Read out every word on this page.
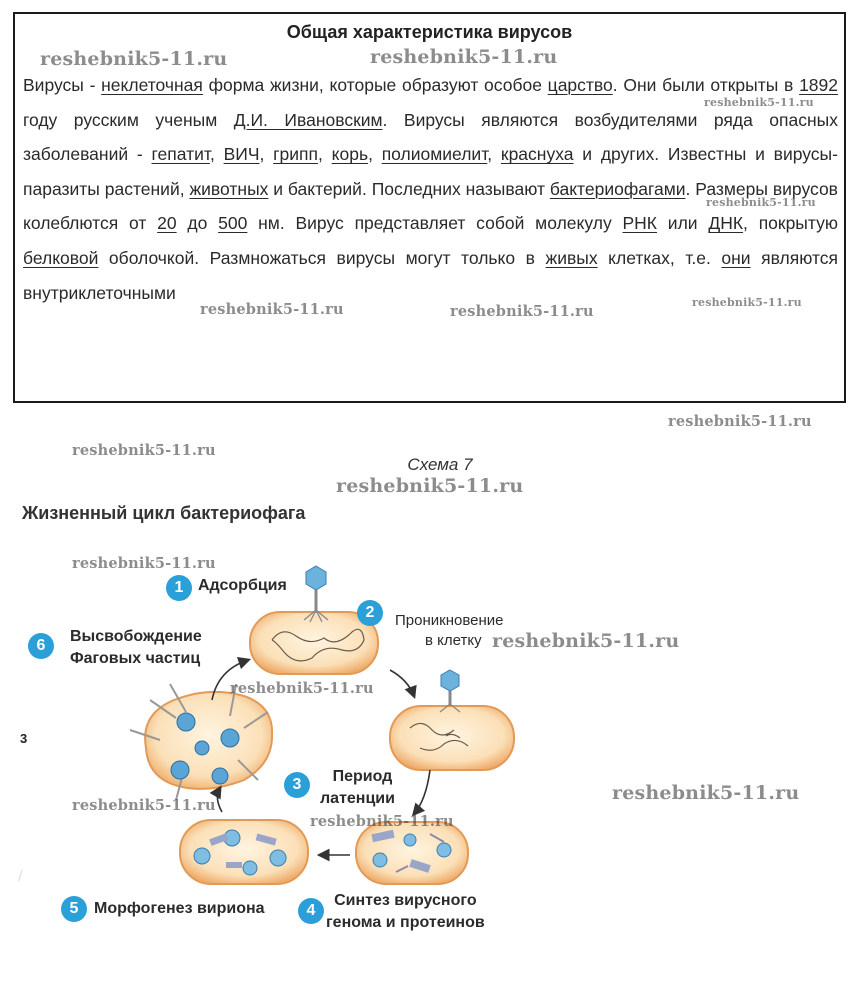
Общая характеристика вирусов
Вирусы - неклеточная форма жизни, которые образуют особое царство. Они были открыты в 1892 году русским ученым Д.И. Ивановским. Вирусы являются возбудителями ряда опасных заболеваний - гепатит, ВИЧ, грипп, корь, полиомиелит, краснуха и других. Известны и вирусы-паразиты растений, животных и бактерий. Последних называют бактериофагами. Размеры вирусов колеблются от 20 до 500 нм. Вирус представляет собой молекулу РНК или ДНК, покрытую белковой оболочкой. Размножаться вирусы могут только в живых клетках, т.е. они являются внутриклеточными
Схема 7
Жизненный цикл бактериофага
3
/
1 Адсорбция
2	Проникновение
в клетку
3	Период
латенции
4
Синтез вирусного
генома и протеинов
5 Морфогенез вириона
6
Высвобождение
Фаговых частиц
reshebnik5-11.ru	reshebnik5-11.ru
reshebnik5-11.ru
reshebnik5-11.ru
reshebnik5-11.ru	reshebnik5-11.ru
reshebnik5-11.ru
reshebnik5-11.ru
reshebnik5-11.ru
reshebnik5-11.ru
reshebnik5-11.ru
reshebnik5-11.ru
reshebnik5-11.ru
reshebnik5-11.ru
reshebnik5-11.ru
reshebnik5-11.ru
